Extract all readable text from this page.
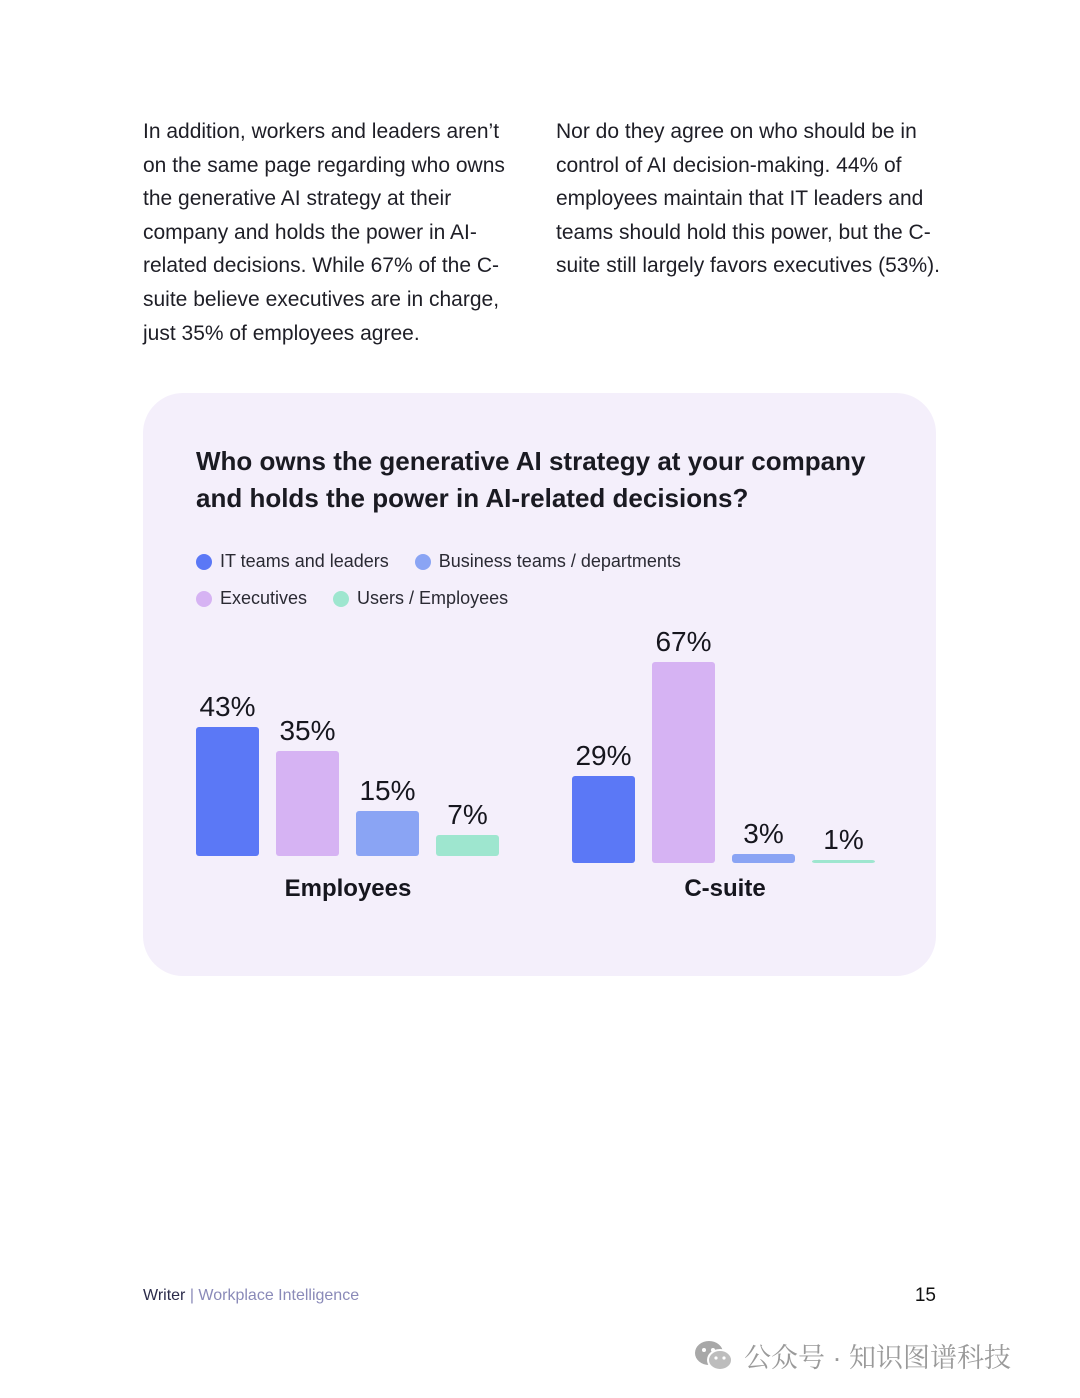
In addition, workers and leaders aren’t on the same page regarding who owns the generative AI strategy at their company and holds the power in AI-related decisions. While 67% of the C-suite believe executives are in charge, just 35% of employees agree.
Nor do they agree on who should be in control of AI decision-making. 44% of employees maintain that IT leaders and teams should hold this power, but the C-suite still largely favors executives (53%).
Who owns the generative AI strategy at your company and holds the power in AI-related decisions?
IT teams and leaders	Business teams / departments
Executives	Users / Employees
43%
35%
15%
7%
Employees
29%
67%
3% 1%
C-suite
Writer | Workplace Intelligence	15
公众号 · 知识图谱科技
